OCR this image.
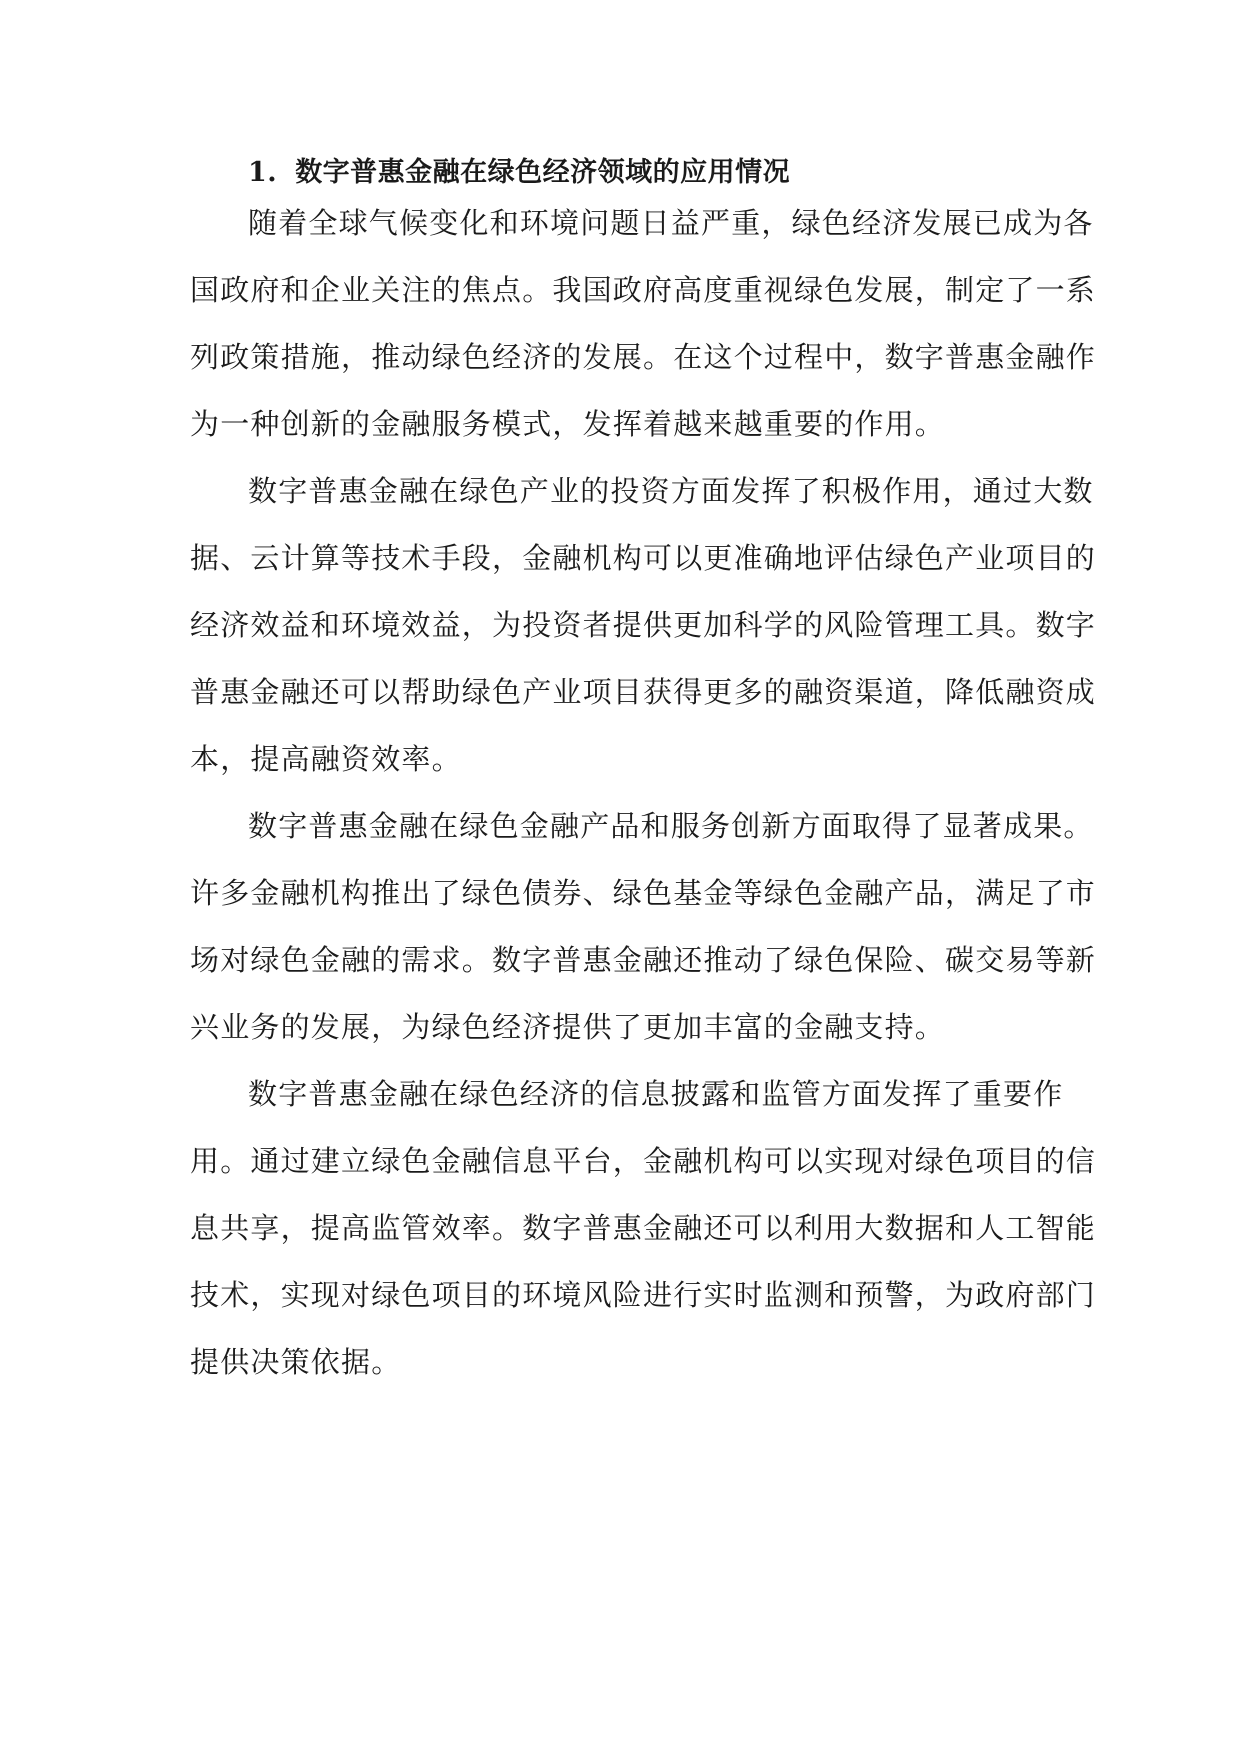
1. 数字普惠金融在绿色经济领域的应用情况
随着全球气候变化和环境问题日益严重，绿色经济发展已成为各
国政府和企业关注的焦点。我国政府高度重视绿色发展，制定了一系
列政策措施，推动绿色经济的发展。在这个过程中，数字普惠金融作
为一种创新的金融服务模式，发挥着越来越重要的作用。
数字普惠金融在绿色产业的投资方面发挥了积极作用，通过大数
据、云计算等技术手段，金融机构可以更准确地评估绿色产业项目的
经济效益和环境效益，为投资者提供更加科学的风险管理工具。数字
普惠金融还可以帮助绿色产业项目获得更多的融资渠道，降低融资成
本，提高融资效率。
数字普惠金融在绿色金融产品和服务创新方面取得了显著成果。
许多金融机构推出了绿色债券、绿色基金等绿色金融产品，满足了市
场对绿色金融的需求。数字普惠金融还推动了绿色保险、碳交易等新
兴业务的发展，为绿色经济提供了更加丰富的金融支持。
数字普惠金融在绿色经济的信息披露和监管方面发挥了重要作
用。通过建立绿色金融信息平台，金融机构可以实现对绿色项目的信
息共享，提高监管效率。数字普惠金融还可以利用大数据和人工智能
技术，实现对绿色项目的环境风险进行实时监测和预警，为政府部门
提供决策依据。
